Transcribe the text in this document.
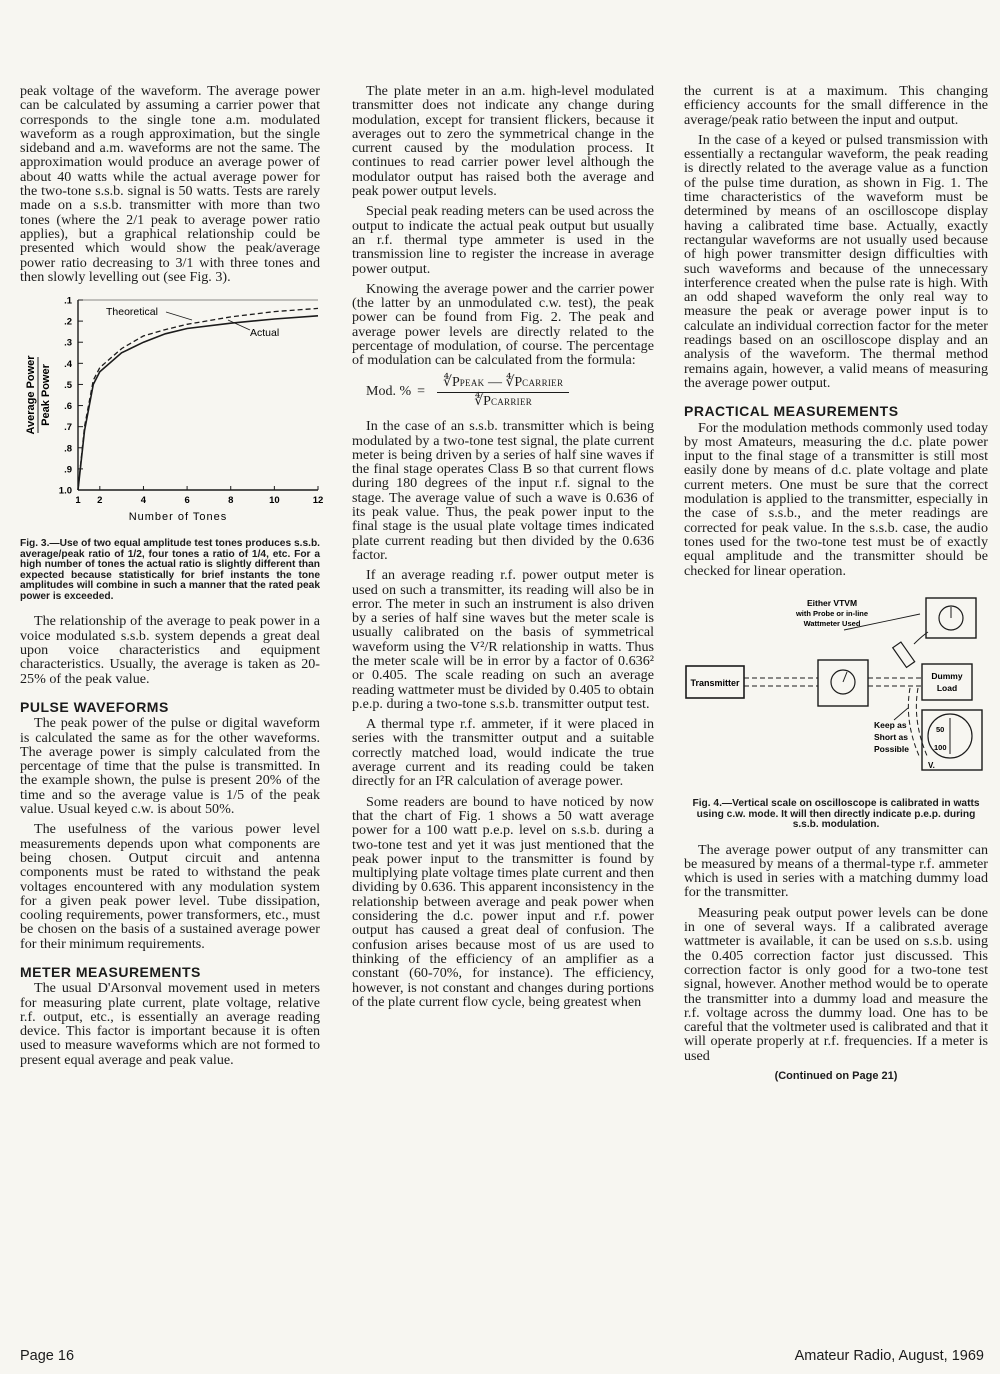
peak voltage of the waveform. The average power can be calculated by assuming a carrier power that corresponds to the single tone a.m. modulated waveform as a rough approximation, but the single sideband and a.m. waveforms are not the same. The approximation would produce an average power of about 40 watts while the actual average power for the two-tone s.s.b. signal is 50 watts. Tests are rarely made on a s.s.b. transmitter with more than two tones (where the 2/1 peak to average power ratio applies), but a graphical relationship could be presented which would show the peak/average power ratio decreasing to 3/1 with three tones and then slowly levelling out (see Fig. 3).

.1
.2
.3
.4
.5
.6
.7
.8
.9
1.0
1 2	4	6	8	10	12
Theoretical
Actual
Average Power Peak Power
Number of Tones
Fig. 3.—Use of two equal amplitude test tones produces s.s.b. average/peak ratio of 1/2, four tones a ratio of 1/4, etc. For a high number of tones the actual ratio is slightly different than expected because statistically for brief instants the tone amplitudes will combine in such a manner that the rated peak power is exceeded.

The relationship of the average to peak power in a voice modulated s.s.b. system depends a great deal upon voice characteristics and equipment characteristics. Usually, the average is taken as 20-25% of the peak value.

PULSE WAVEFORMS

The peak power of the pulse or digital waveform is calculated the same as for the other waveforms. The average power is simply calculated from the percentage of time that the pulse is transmitted. In the example shown, the pulse is present 20% of the time and so the average value is 1/5 of the peak value. Usual keyed c.w. is about 50%.

The usefulness of the various power level measurements depends upon what components are being chosen. Output circuit and antenna components must be rated to withstand the peak voltages encountered with any modulation system for a given peak power level. Tube dissipation, cooling requirements, power transformers, etc., must be chosen on the basis of a sustained average power for their minimum requirements.

METER MEASUREMENTS

The usual D'Arsonval movement used in meters for measuring plate current, plate voltage, relative r.f. output, etc., is essentially an average reading device. This factor is important because it is often used to measure waveforms which are not formed to present equal average and peak value.

The plate meter in an a.m. high-level modulated transmitter does not indicate any change during modulation, except for transient flickers, because it averages out to zero the symmetrical change in the current caused by the modulation process. It continues to read carrier power level although the modulator output has raised both the average and peak power output levels.

Special peak reading meters can be used across the output to indicate the actual peak output but usually an r.f. thermal type ammeter is used in the transmission line to register the increase in average power output.

Knowing the average power and the carrier power (the latter by an unmodulated c.w. test), the peak power can be found from Fig. 2. The peak and average power levels are directly related to the percentage of modulation, of course. The percentage of modulation can be calculated from the formula:

Mod. % = $\frac{\text{∜PPEAK — ∜PCARRIER}}{\text{∜PCARRIER}}$

In the case of an s.s.b. transmitter which is being modulated by a two-tone test signal, the plate current meter is being driven by a series of half sine waves if the final stage operates Class B so that current flows during 180 degrees of the input r.f. signal to the stage. The average value of such a wave is 0.636 of its peak value. Thus, the peak power input to the final stage is the usual plate voltage times indicated plate current reading but then divided by the 0.636 factor.

If an average reading r.f. power output meter is used on such a transmitter, its reading will also be in error. The meter in such an instrument is also driven by a series of half sine waves but the meter scale is usually calibrated on the basis of symmetrical waveform using the V²/R relationship in watts. Thus the meter scale will be in error by a factor of 0.636² or 0.405. The scale reading on such an average reading wattmeter must be divided by 0.405 to obtain p.e.p. during a two-tone s.s.b. transmitter output test.

A thermal type r.f. ammeter, if it were placed in series with the transmitter output and a suitable correctly matched load, would indicate the true average current and its reading could be taken directly for an I²R calculation of average power.

Some readers are bound to have noticed by now that the chart of Fig. 1 shows a 50 watt average power for a 100 watt p.e.p. level on s.s.b. during a two-tone test and yet it was just mentioned that the peak power input to the transmitter is found by multiplying plate voltage times plate current and then dividing by 0.636. This apparent inconsistency in the relationship between average and peak power when considering the d.c. power input and r.f. power output has caused a great deal of confusion. The confusion arises because most of us are used to thinking of the efficiency of an amplifier as a constant (60-70%, for instance). The efficiency, however, is not constant and changes during portions of the plate current flow cycle, being greatest when

the current is at a maximum. This changing efficiency accounts for the small difference in the average/peak ratio between the input and output.

In the case of a keyed or pulsed transmission with essentially a rectangular waveform, the peak reading is directly related to the average value as a function of the pulse time duration, as shown in Fig. 1. The time characteristics of the waveform must be determined by means of an oscilloscope display having a calibrated time base. Actually, exactly rectangular waveforms are not usually used because of high power transmitter design difficulties with such waveforms and because of the unnecessary interference created when the pulse rate is high. With an odd shaped waveform the only real way to measure the peak or average power input is to calculate an individual correction factor for the meter readings based on an oscilloscope display and an analysis of the waveform. The thermal method remains again, however, a valid means of measuring the average power output.

PRACTICAL MEASUREMENTS

For the modulation methods commonly used today by most Amateurs, measuring the d.c. plate power input to the final stage of a transmitter is still most easily done by means of d.c. plate voltage and plate current meters. One must be sure that the correct modulation is applied to the transmitter, especially in the case of s.s.b., and the meter readings are corrected for peak value. In the s.s.b. case, the audio tones used for the two-tone test must be of exactly equal amplitude and the transmitter should be checked for linear operation.

Transmitter
Dummy
Load
Either VTVM
with Probe or in-line
Wattmeter Used
Keep as
Short as
Possible
50
100
V.
Fig. 4.—Vertical scale on oscilloscope is calibrated in watts using c.w. mode. It will then directly indicate p.e.p. during s.s.b. modulation.

The average power output of any transmitter can be measured by means of a thermal-type r.f. ammeter which is used in series with a matching dummy load for the transmitter.

Measuring peak output power levels can be done in one of several ways. If a calibrated average wattmeter is available, it can be used on s.s.b. using the 0.405 correction factor just discussed. This correction factor is only good for a two-tone test signal, however. Another method would be to operate the transmitter into a dummy load and measure the r.f. voltage across the dummy load. One has to be careful that the voltmeter used is calibrated and that it will operate properly at r.f. frequencies. If a meter is used

(Continued on Page 21)
Page 16	Amateur Radio, August, 1969
